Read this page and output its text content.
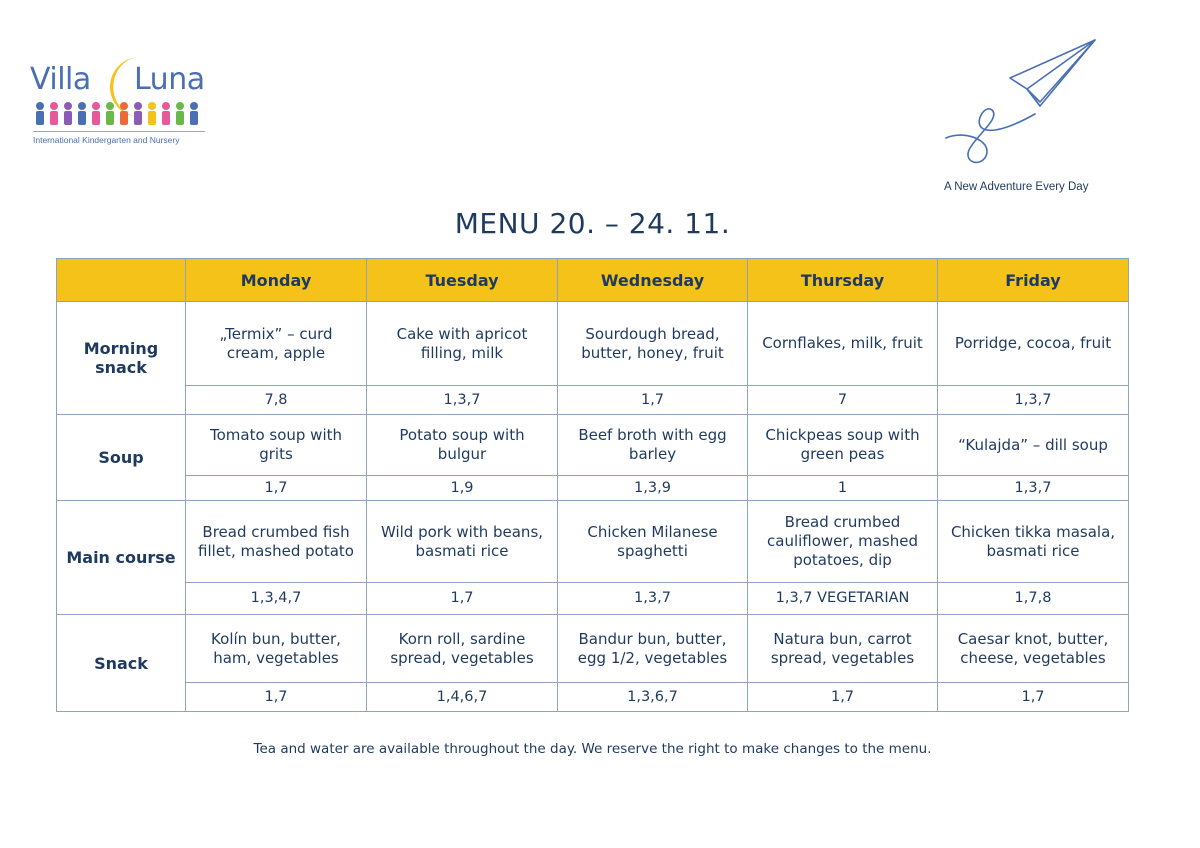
Villa Luna
International Kindergarten and Nursery
A New Adventure Every Day
MENU 20. – 24. 11.
	Monday	Tuesday	Wednesday	Thursday	Friday
Morning snack	„Termix” – curd cream, apple	Cake with apricot filling, milk	Sourdough bread, butter, honey, fruit	Cornflakes, milk, fruit	Porridge, cocoa, fruit
	7,8	1,3,7	1,7	7	1,3,7
Soup	Tomato soup with grits	Potato soup with bulgur	Beef broth with egg barley	Chickpeas soup with green peas	“Kulajda” – dill soup
	1,7	1,9	1,3,9	1	1,3,7
Main course	Bread crumbed fish fillet, mashed potato	Wild pork with beans, basmati rice	Chicken Milanese spaghetti	Bread crumbed cauliflower, mashed potatoes, dip	Chicken tikka masala, basmati rice
	1,3,4,7	1,7	1,3,7	1,3,7 VEGETARIAN	1,7,8
Snack	Kolín bun, butter, ham, vegetables	Korn roll, sardine spread, vegetables	Bandur bun, butter, egg 1/2, vegetables	Natura bun, carrot spread, vegetables	Caesar knot, butter, cheese, vegetables
	1,7	1,4,6,7	1,3,6,7	1,7	1,7
Tea and water are available throughout the day. We reserve the right to make changes to the menu.
